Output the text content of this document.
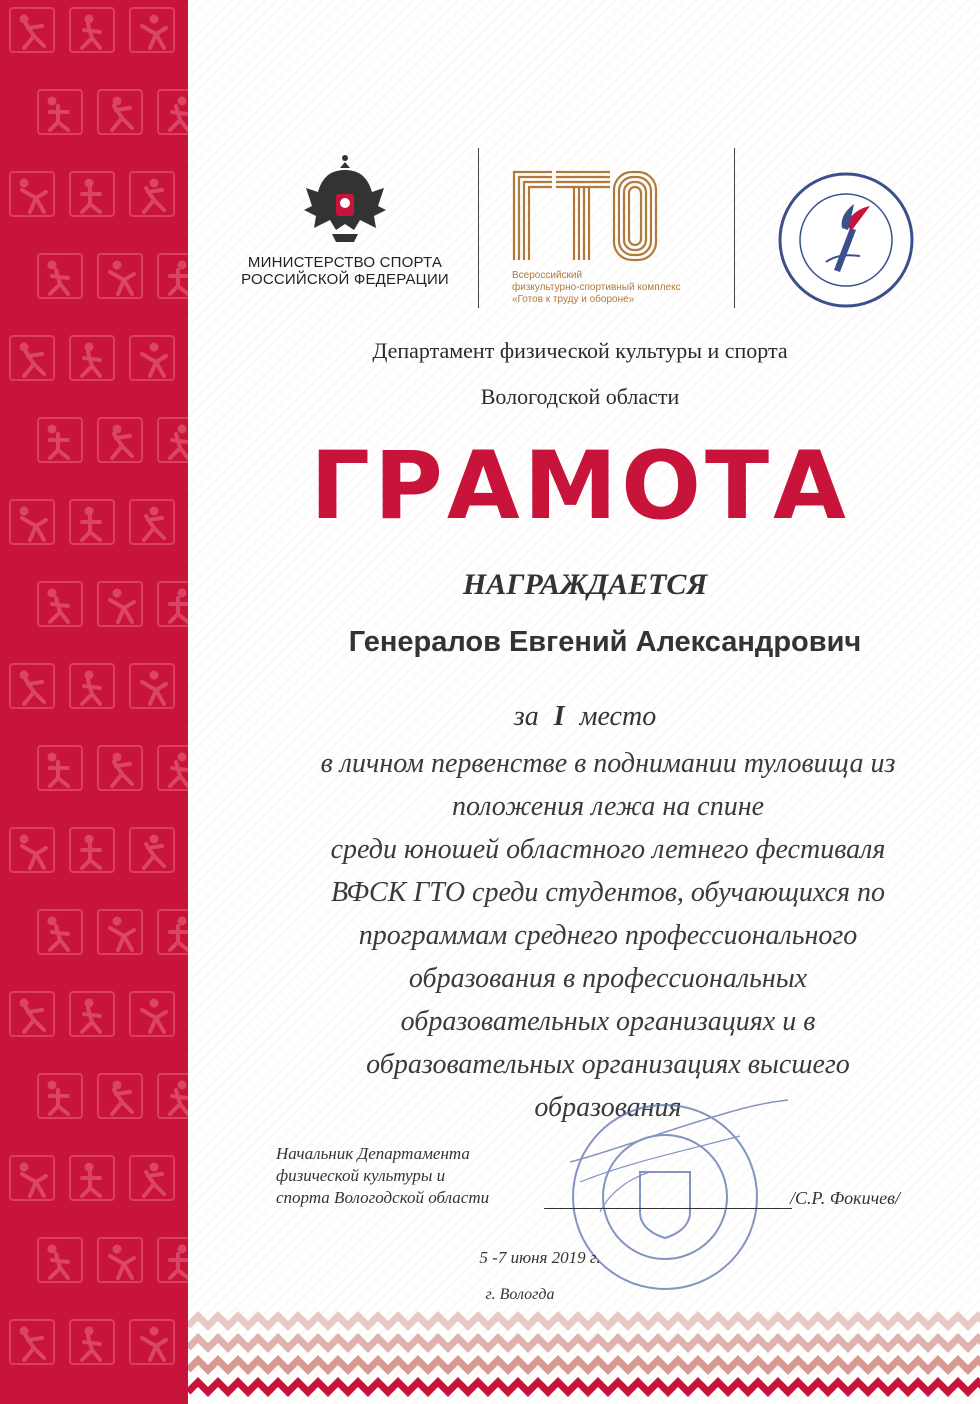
МИНИСТЕРСТВО СПОРТА
РОССИЙСКОЙ ФЕДЕРАЦИИ	Всероссийский
физкультурно-спортивный комплекс
«Готов к труду и обороне»
Департамент физической культуры и спорта
Вологодской области
ГРАМОТА
НАГРАЖДАЕТСЯ
Генералов Евгений Александрович
за I место
в личном первенстве в поднимании туловища из
положения лежа на спине
среди юношей областного летнего фестиваля
ВФСК ГТО среди студентов, обучающихся по
программам среднего профессионального
образования в профессиональных
образовательных организациях и в
образовательных организациях высшего
образования
Начальник Департамента
физической культуры и
спорта Вологодской области	/С.Р. Фокичев/
5 -7 июня 2019 г.
г. Вологда
